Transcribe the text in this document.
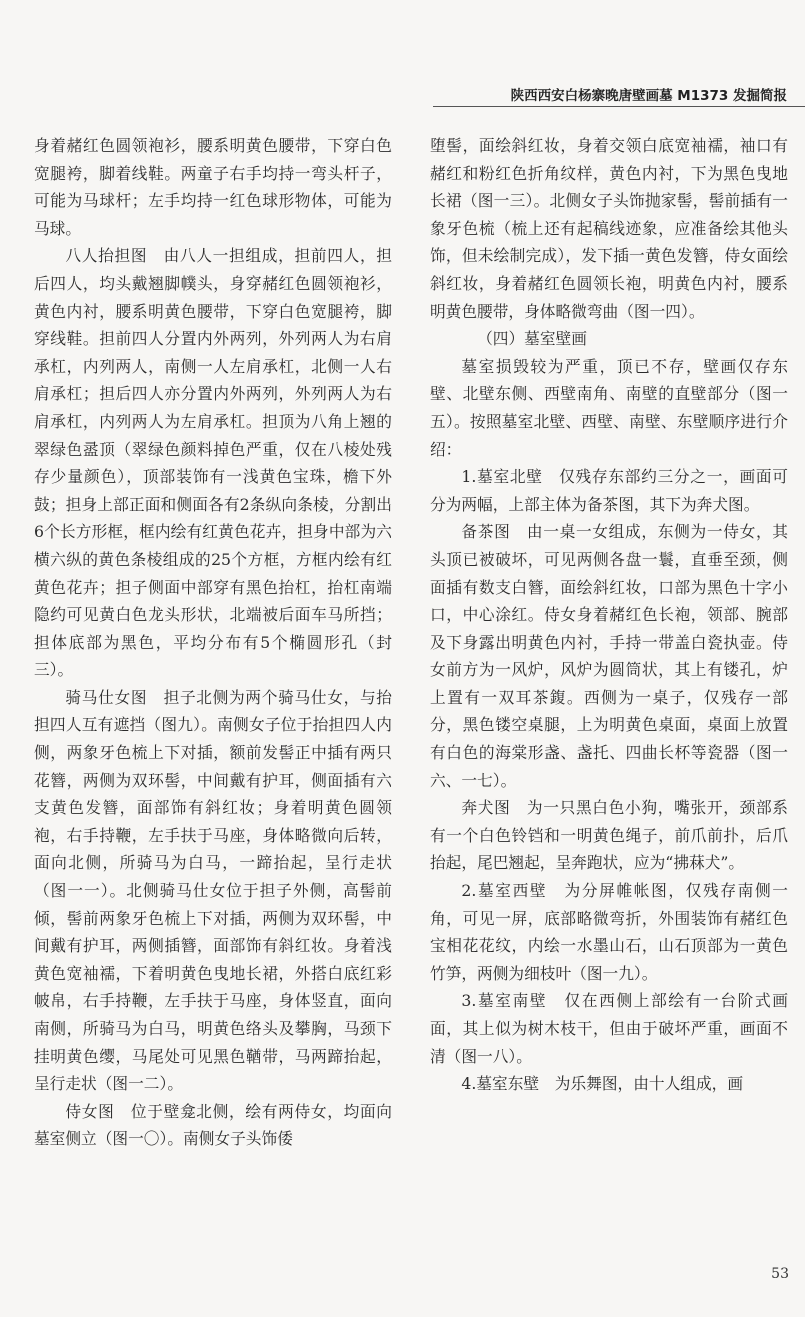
陕西西安白杨寨晚唐壁画墓 M1373 发掘简报

身着赭红色圆领袍衫，腰系明黄色腰带，下穿白色宽腿袴，脚着线鞋。两童子右手均持一弯头杆子，可能为马球杆；左手均持一红色球形物体，可能为马球。

八人抬担图　由八人一担组成，担前四人，担后四人，均头戴翘脚幞头，身穿赭红色圆领袍衫，黄色内衬，腰系明黄色腰带，下穿白色宽腿袴，脚穿线鞋。担前四人分置内外两列，外列两人为右肩承杠，内列两人，南侧一人左肩承杠，北侧一人右肩承杠；担后四人亦分置内外两列，外列两人为右肩承杠，内列两人为左肩承杠。担顶为八角上翘的翠绿色盝顶（翠绿色颜料掉色严重，仅在八棱处残存少量颜色），顶部装饰有一浅黄色宝珠，檐下外鼓；担身上部正面和侧面各有2条纵向条棱，分割出6个长方形框，框内绘有红黄色花卉，担身中部为六横六纵的黄色条棱组成的25个方框，方框内绘有红黄色花卉；担子侧面中部穿有黑色抬杠，抬杠南端隐约可见黄白色龙头形状，北端被后面车马所挡；担体底部为黑色，平均分布有5个椭圆形孔（封三）。

骑马仕女图　担子北侧为两个骑马仕女，与抬担四人互有遮挡（图九）。南侧女子位于抬担四人内侧，两象牙色梳上下对插，额前发髻正中插有两只花簪，两侧为双环髻，中间戴有护耳，侧面插有六支黄色发簪，面部饰有斜红妆；身着明黄色圆领袍，右手持鞭，左手扶于马座，身体略微向后转，面向北侧，所骑马为白马，一蹄抬起，呈行走状（图一一）。北侧骑马仕女位于担子外侧，高髻前倾，髻前两象牙色梳上下对插，两侧为双环髻，中间戴有护耳，两侧插簪，面部饰有斜红妆。身着浅黄色宽袖襦，下着明黄色曳地长裙，外搭白底红彩帔帛，右手持鞭，左手扶于马座，身体竖直，面向南侧，所骑马为白马，明黄色络头及攀胸，马颈下挂明黄色缨，马尾处可见黑色鞧带，马两蹄抬起，呈行走状（图一二）。

侍女图　位于壁龛北侧，绘有两侍女，均面向墓室侧立（图一〇）。南侧女子头饰倭

堕髻，面绘斜红妆，身着交领白底宽袖襦，袖口有赭红和粉红色折角纹样，黄色内衬，下为黑色曳地长裙（图一三）。北侧女子头饰抛家髻，髻前插有一象牙色梳（梳上还有起稿线迹象，应准备绘其他头饰，但未绘制完成），发下插一黄色发簪，侍女面绘斜红妆，身着赭红色圆领长袍，明黄色内衬，腰系明黄色腰带，身体略微弯曲（图一四）。

（四）墓室壁画

墓室损毁较为严重，顶已不存，壁画仅存东壁、北壁东侧、西壁南角、南壁的直壁部分（图一五）。按照墓室北壁、西壁、南壁、东壁顺序进行介绍：

1.墓室北壁　仅残存东部约三分之一，画面可分为两幅，上部主体为备茶图，其下为奔犬图。

备茶图　由一桌一女组成，东侧为一侍女，其头顶已被破坏，可见两侧各盘一鬟，直垂至颈，侧面插有数支白簪，面绘斜红妆，口部为黑色十字小口，中心涂红。侍女身着赭红色长袍，领部、腕部及下身露出明黄色内衬，手持一带盖白瓷执壶。侍女前方为一风炉，风炉为圆筒状，其上有镂孔，炉上置有一双耳茶鍑。西侧为一桌子，仅残存一部分，黑色镂空桌腿，上为明黄色桌面，桌面上放置有白色的海棠形盏、盏托、四曲长杯等瓷器（图一六、一七）。

奔犬图　为一只黑白色小狗，嘴张开，颈部系有一个白色铃铛和一明黄色绳子，前爪前扑，后爪抬起，尾巴翘起，呈奔跑状，应为“拂菻犬”。

2.墓室西壁　为分屏帷帐图，仅残存南侧一角，可见一屏，底部略微弯折，外围装饰有赭红色宝相花花纹，内绘一水墨山石，山石顶部为一黄色竹笋，两侧为细枝叶（图一九）。

3.墓室南壁　仅在西侧上部绘有一台阶式画面，其上似为树木枝干，但由于破坏严重，画面不清（图一八）。

4.墓室东壁　为乐舞图，由十人组成，画

53
